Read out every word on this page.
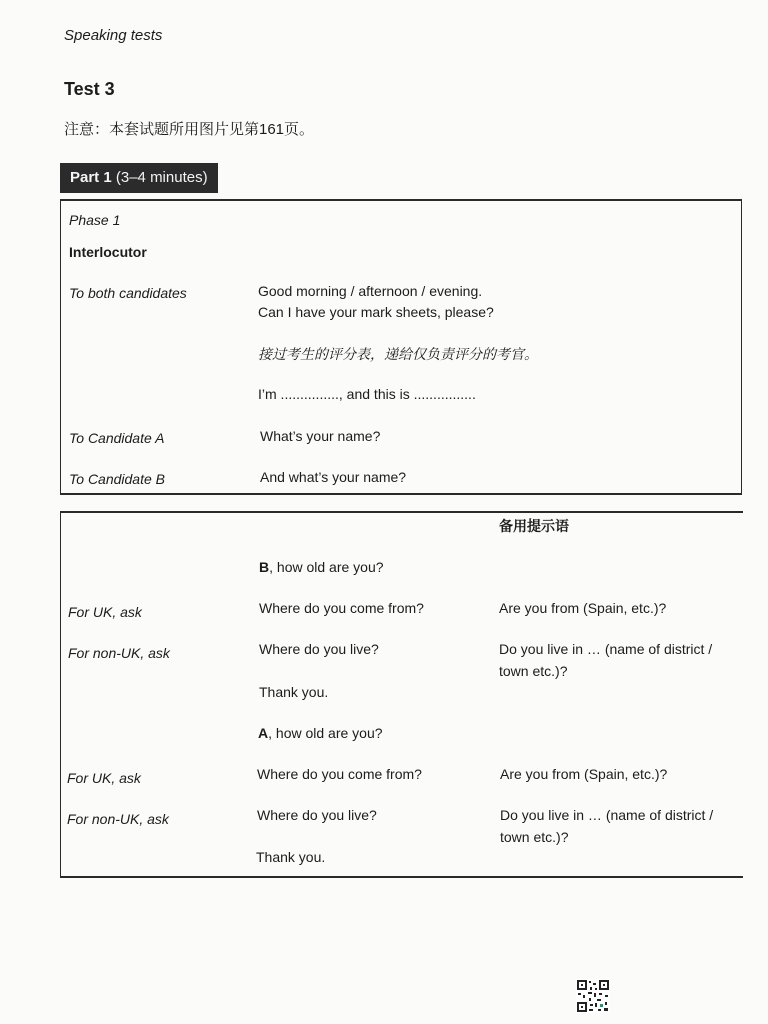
Speaking tests
Test 3
注意：本套试题所用图片见第161页。
Part 1 (3–4 minutes)
Phase 1
Interlocutor
To both candidates	Good morning / afternoon / evening.
Can I have your mark sheets, please?
接过考生的评分表，递给仅负责评分的考官。
I’m ..............., and this is ................
To Candidate A	What’s your name?
To Candidate B	And what’s your name?
备用提示语
B, how old are you?
For UK, ask	Where do you come from?	Are you from (Spain, etc.)?
For non-UK, ask	Where do you live?	Do you live in … (name of district /
town etc.)?
Thank you.
A, how old are you?
For UK, ask	Where do you come from?	Are you from (Spain, etc.)?
For non-UK, ask	Where do you live?	Do you live in … (name of district /
town etc.)?
Thank you.
